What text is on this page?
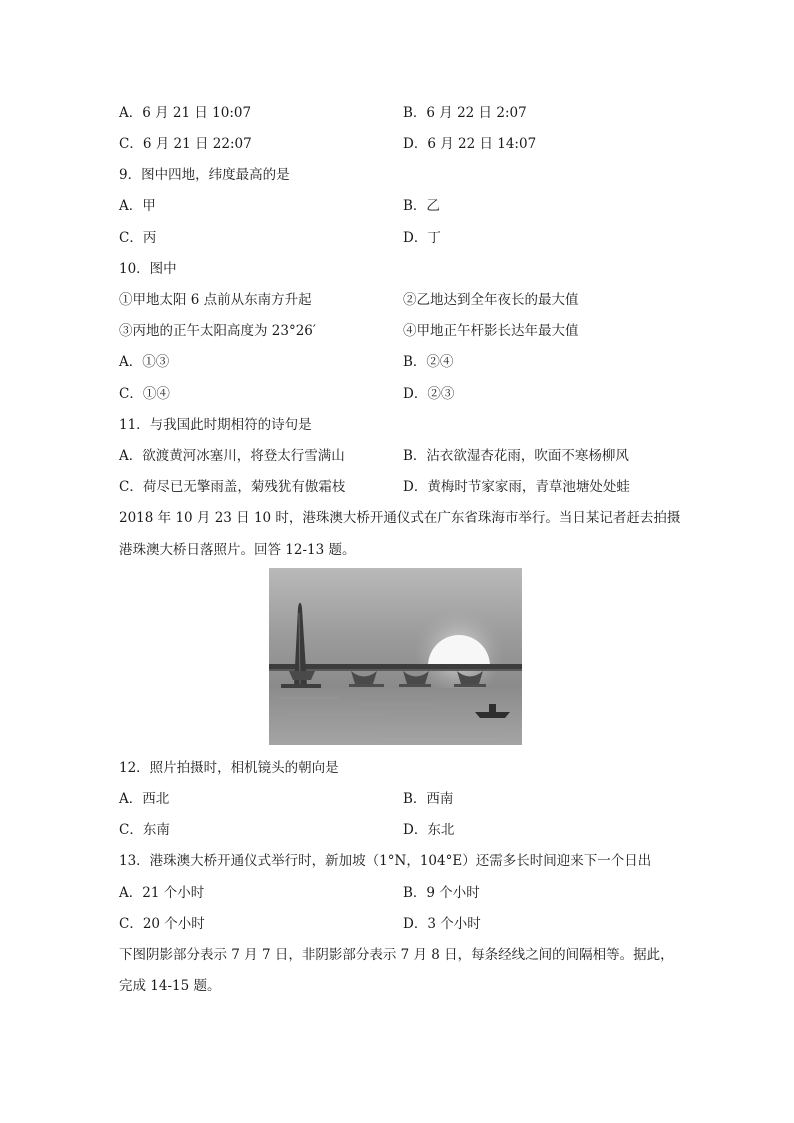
A．6 月 21 日 10:07	B．6 月 22 日 2:07
C．6 月 21 日 22:07	D．6 月 22 日 14:07
9．图中四地，纬度最高的是
A．甲	B．乙
C．丙	D．丁
10．图中
①甲地太阳 6 点前从东南方升起	②乙地达到全年夜长的最大值
③丙地的正午太阳高度为 23°26′	④甲地正午杆影长达年最大值
A．①③	B．②④
C．①④	D．②③
11．与我国此时期相符的诗句是
A．欲渡黄河冰塞川，将登太行雪满山	B．沾衣欲湿杏花雨，吹面不寒杨柳风
C．荷尽已无擎雨盖，菊残犹有傲霜枝	D．黄梅时节家家雨，青草池塘处处蛙
2018 年 10 月 23 日 10 时，港珠澳大桥开通仪式在广东省珠海市举行。当日某记者赶去拍摄
港珠澳大桥日落照片。回答 12-13 题。
12．照片拍摄时，相机镜头的朝向是
A．西北	B．西南
C．东南	D．东北
13．港珠澳大桥开通仪式举行时，新加坡（1°N，104°E）还需多长时间迎来下一个日出
A．21 个小时	B．9 个小时
C．20 个小时	D．3 个小时
下图阴影部分表示 7 月 7 日，非阴影部分表示 7 月 8 日，每条经线之间的间隔相等。据此，
完成 14-15 题。
